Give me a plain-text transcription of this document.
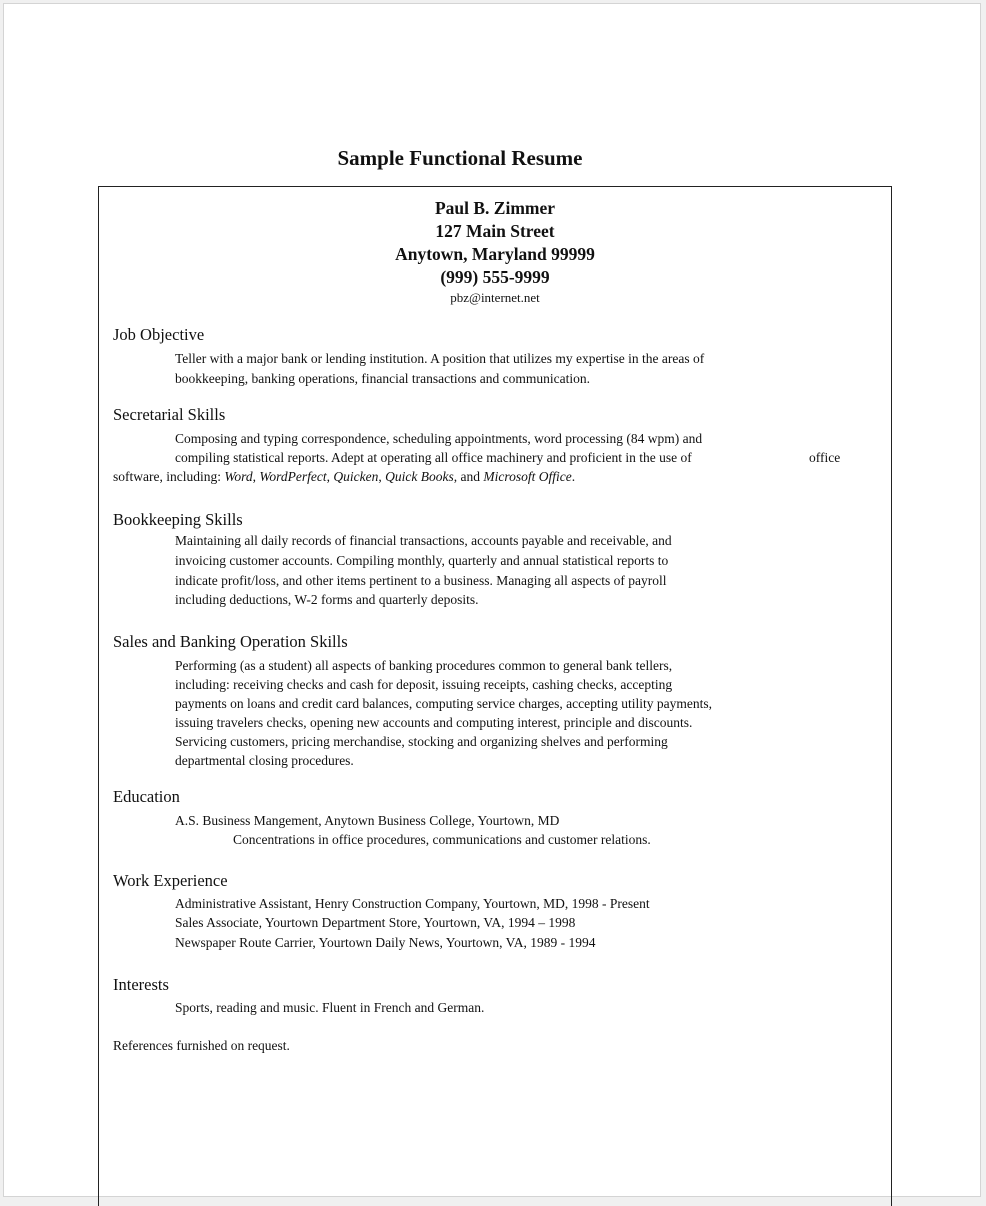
Sample Functional Resume
Paul B. Zimmer
127 Main Street
Anytown, Maryland 99999
(999) 555-9999
pbz@internet.net
Job Objective
Teller with a major bank or lending institution. A position that utilizes my expertise in the areas of
bookkeeping, banking operations, financial transactions and communication.
Secretarial Skills
Composing and typing correspondence, scheduling appointments, word processing (84 wpm) and
compiling statistical reports. Adept at operating all office machinery and proficient in the use of	office
software, including: Word, WordPerfect, Quicken, Quick Books, and Microsoft Office.
Bookkeeping Skills
Maintaining all daily records of financial transactions, accounts payable and receivable, and
invoicing customer accounts. Compiling monthly, quarterly and annual statistical reports to
indicate profit/loss, and other items pertinent to a business. Managing all aspects of payroll
including deductions, W-2 forms and quarterly deposits.
Sales and Banking Operation Skills
Performing (as a student) all aspects of banking procedures common to general bank tellers,
including: receiving checks and cash for deposit, issuing receipts, cashing checks, accepting
payments on loans and credit card balances, computing service charges, accepting utility payments,
issuing travelers checks, opening new accounts and computing interest, principle and discounts.
Servicing customers, pricing merchandise, stocking and organizing shelves and performing
departmental closing procedures.
Education
A.S. Business Mangement, Anytown Business College, Yourtown, MD
Concentrations in office procedures, communications and customer relations.
Work Experience
Administrative Assistant, Henry Construction Company, Yourtown, MD, 1998 - Present
Sales Associate, Yourtown Department Store, Yourtown, VA, 1994 – 1998
Newspaper Route Carrier, Yourtown Daily News, Yourtown, VA, 1989 - 1994
Interests
Sports, reading and music. Fluent in French and German.
References furnished on request.
